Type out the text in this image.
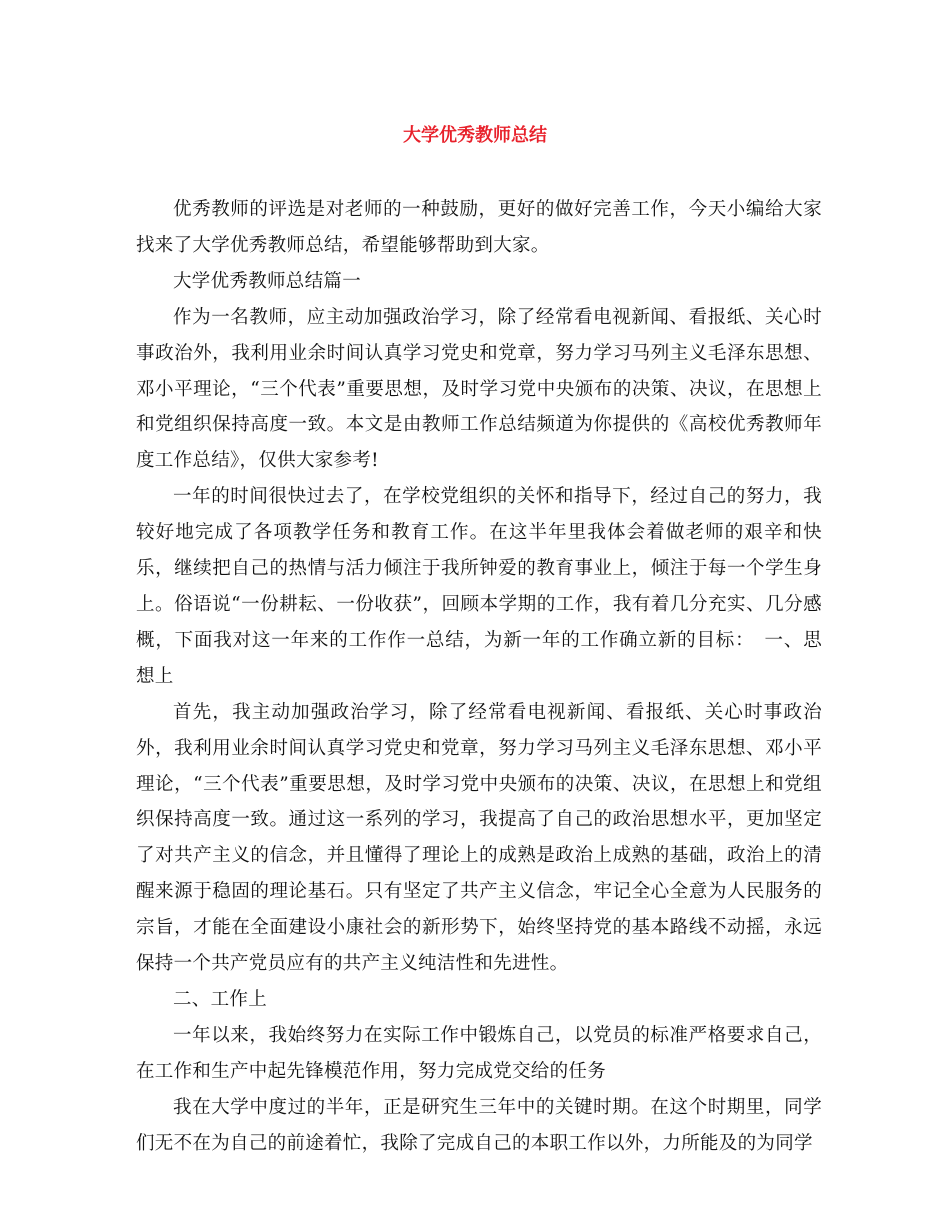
大学优秀教师总结

优秀教师的评选是对老师的一种鼓励，更好的做好完善工作，今天小编给大家找来了大学优秀教师总结，希望能够帮助到大家。

大学优秀教师总结篇一

作为一名教师，应主动加强政治学习，除了经常看电视新闻、看报纸、关心时事政治外，我利用业余时间认真学习党史和党章，努力学习马列主义毛泽东思想、邓小平理论，“三个代表”重要思想，及时学习党中央颁布的决策、决议，在思想上和党组织保持高度一致。本文是由教师工作总结频道为你提供的《高校优秀教师年度工作总结》，仅供大家参考!

一年的时间很快过去了，在学校党组织的关怀和指导下，经过自己的努力，我较好地完成了各项教学任务和教育工作。在这半年里我体会着做老师的艰辛和快乐，继续把自己的热情与活力倾注于我所钟爱的教育事业上，倾注于每一个学生身上。俗语说“一份耕耘、一份收获”，回顾本学期的工作，我有着几分充实、几分感概，下面我对这一年来的工作作一总结，为新一年的工作确立新的目标：　一、思想上

首先，我主动加强政治学习，除了经常看电视新闻、看报纸、关心时事政治外，我利用业余时间认真学习党史和党章，努力学习马列主义毛泽东思想、邓小平理论，“三个代表”重要思想，及时学习党中央颁布的决策、决议，在思想上和党组织保持高度一致。通过这一系列的学习，我提高了自己的政治思想水平，更加坚定了对共产主义的信念，并且懂得了理论上的成熟是政治上成熟的基础，政治上的清醒来源于稳固的理论基石。只有坚定了共产主义信念，牢记全心全意为人民服务的宗旨，才能在全面建设小康社会的新形势下，始终坚持党的基本路线不动摇，永远保持一个共产党员应有的共产主义纯洁性和先进性。

二、工作上

一年以来，我始终努力在实际工作中锻炼自己，以党员的标准严格要求自己，在工作和生产中起先锋模范作用，努力完成党交给的任务

我在大学中度过的半年，正是研究生三年中的关键时期。在这个时期里，同学们无不在为自己的前途着忙，我除了完成自己的本职工作以外，力所能及的为同学
